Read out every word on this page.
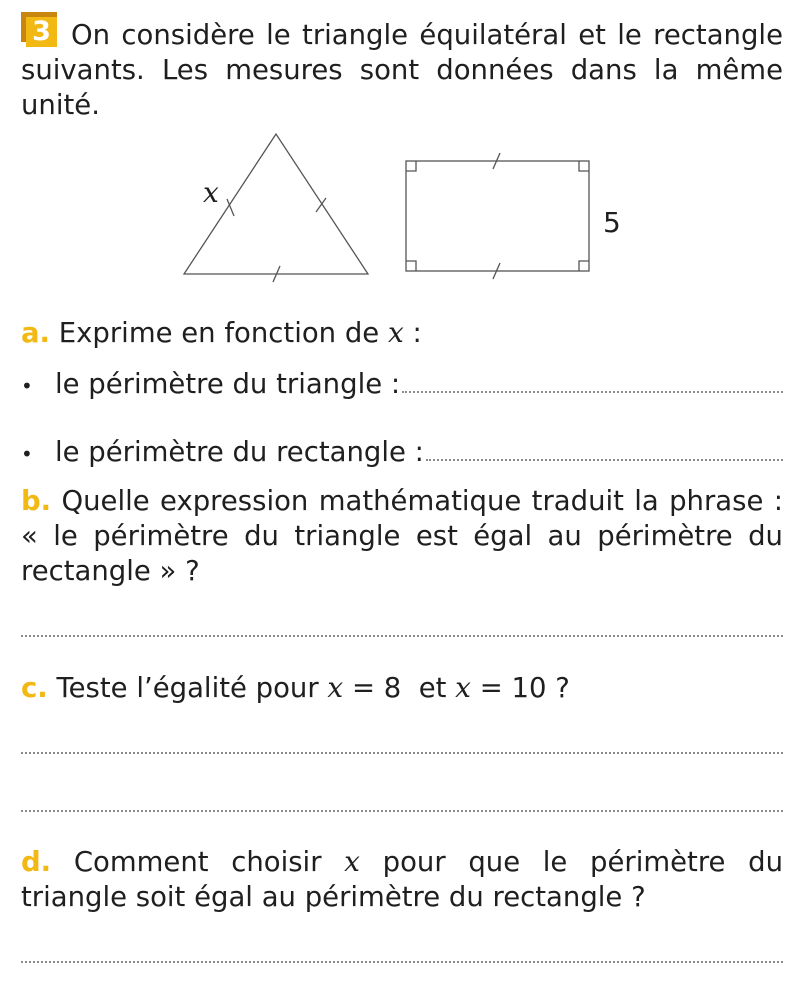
3 On considère le triangle équilatéral et le rectangle suivants. Les mesures sont données dans la même unité.
x
5
a. Exprime en fonction de x :
• le périmètre du triangle :
• le périmètre du rectangle :
b. Quelle expression mathématique traduit la phrase : « le périmètre du triangle est égal au périmètre du rectangle » ?
c. Teste l’égalité pour x = 8  et x = 10 ?
d. Comment choisir x pour que le périmètre du triangle soit égal au périmètre du rectangle ?
